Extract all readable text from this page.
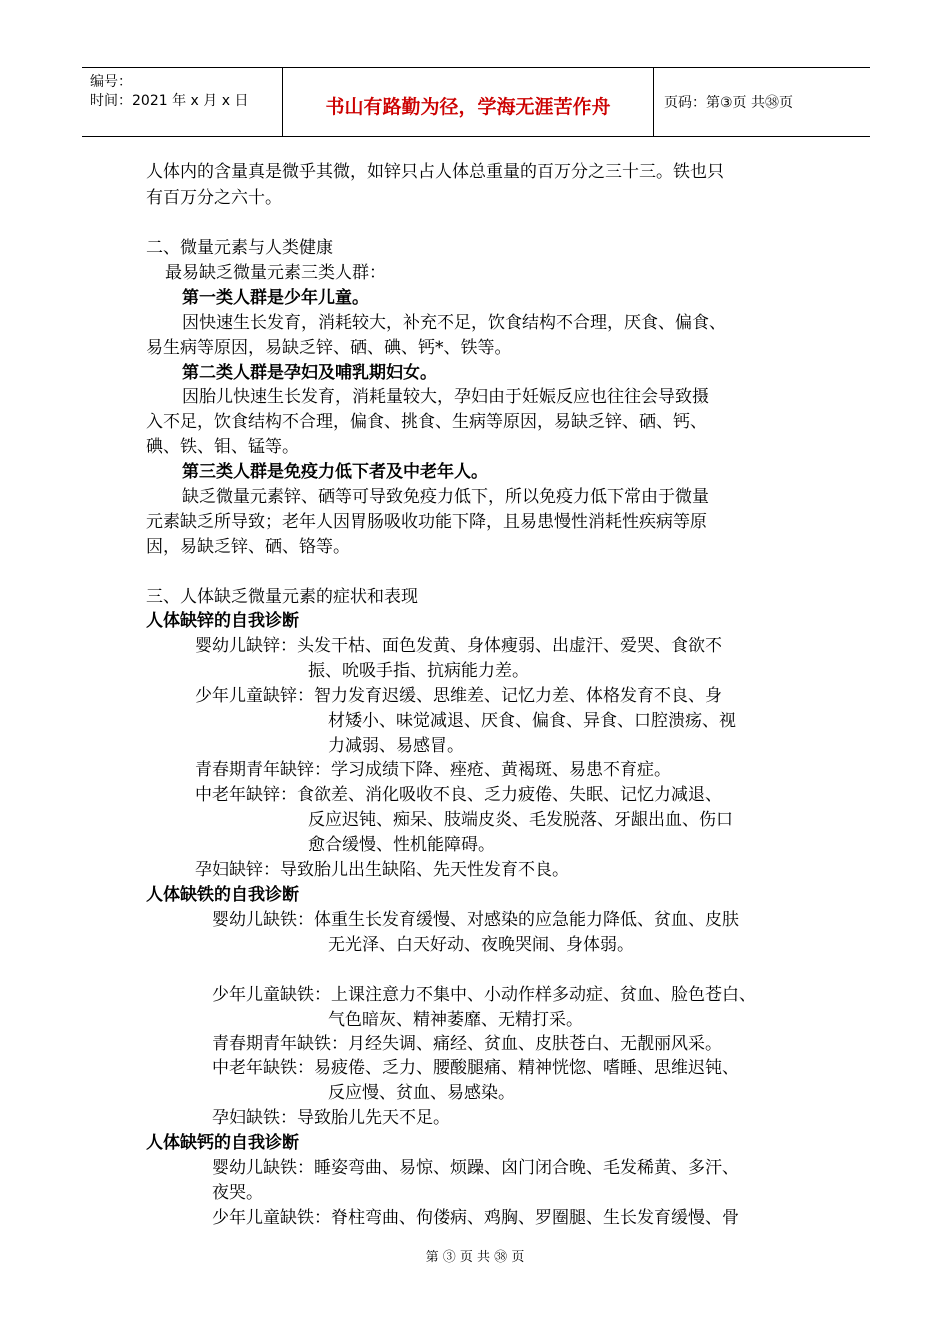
编号：
时间：2021 年 x 月 x 日	书山有路勤为径，学海无涯苦作舟	页码：第③页 共㊳页
人体内的含量真是微乎其微，如锌只占人体总重量的百万分之三十三。铁也只
有百万分之六十。
二、微量元素与人类健康
最易缺乏微量元素三类人群：
第一类人群是少年儿童。
因快速生长发育，消耗较大，补充不足，饮食结构不合理，厌食、偏食、
易生病等原因，易缺乏锌、硒、碘、钙*、铁等。
第二类人群是孕妇及哺乳期妇女。
因胎儿快速生长发育，消耗量较大，孕妇由于妊娠反应也往往会导致摄
入不足，饮食结构不合理，偏食、挑食、生病等原因，易缺乏锌、硒、钙、
碘、铁、钼、锰等。
第三类人群是免疫力低下者及中老年人。
缺乏微量元素锌、硒等可导致免疫力低下，所以免疫力低下常由于微量
元素缺乏所导致；老年人因胃肠吸收功能下降，且易患慢性消耗性疾病等原
因，易缺乏锌、硒、铬等。
三、人体缺乏微量元素的症状和表现
人体缺锌的自我诊断
婴幼儿缺锌：头发干枯、面色发黄、身体瘦弱、出虚汗、爱哭、食欲不
振、吮吸手指、抗病能力差。
少年儿童缺锌：智力发育迟缓、思维差、记忆力差、体格发育不良、身
材矮小、味觉减退、厌食、偏食、异食、口腔溃疡、视
力减弱、易感冒。
青春期青年缺锌：学习成绩下降、痤疮、黄褐斑、易患不育症。
中老年缺锌：食欲差、消化吸收不良、乏力疲倦、失眠、记忆力减退、
反应迟钝、痴呆、肢端皮炎、毛发脱落、牙龈出血、伤口
愈合缓慢、性机能障碍。
孕妇缺锌：导致胎儿出生缺陷、先天性发育不良。
人体缺铁的自我诊断
婴幼儿缺铁：体重生长发育缓慢、对感染的应急能力降低、贫血、皮肤
无光泽、白天好动、夜晚哭闹、身体弱。
少年儿童缺铁：上课注意力不集中、小动作样多动症、贫血、脸色苍白、
气色暗灰、精神萎靡、无精打采。
青春期青年缺铁：月经失调、痛经、贫血、皮肤苍白、无靓丽风采。
中老年缺铁：易疲倦、乏力、腰酸腿痛、精神恍惚、嗜睡、思维迟钝、
反应慢、贫血、易感染。
孕妇缺铁：导致胎儿先天不足。
人体缺钙的自我诊断
婴幼儿缺铁：睡姿弯曲、易惊、烦躁、囟门闭合晚、毛发稀黄、多汗、
夜哭。
少年儿童缺铁：脊柱弯曲、佝偻病、鸡胸、罗圈腿、生长发育缓慢、骨
第 ③ 页 共 ㊳ 页
